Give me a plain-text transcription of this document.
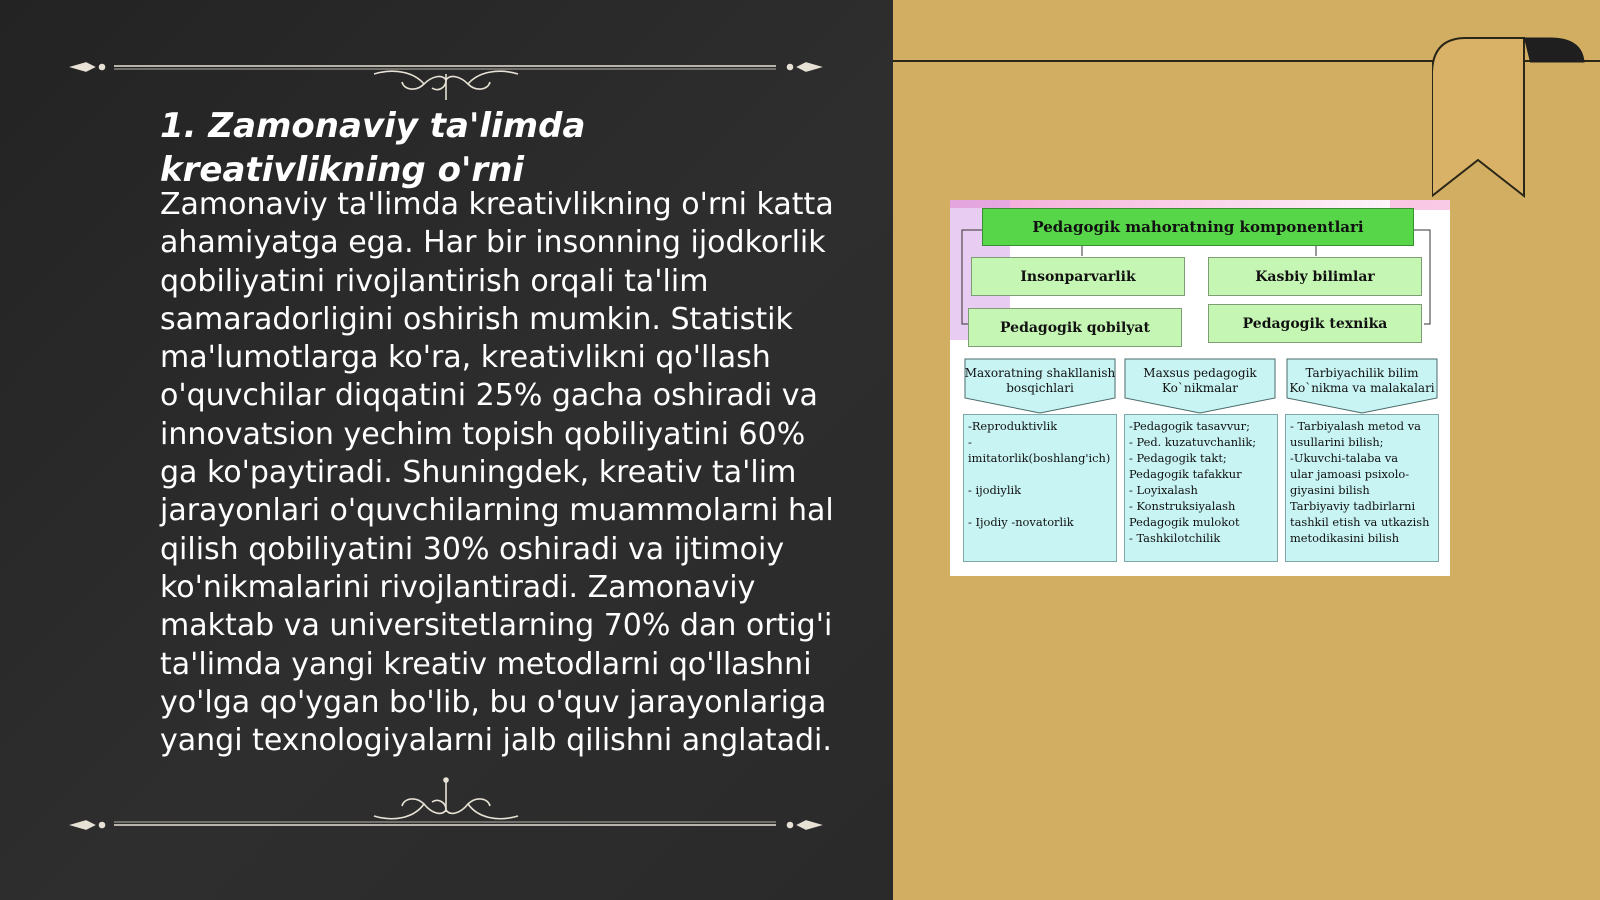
1. Zamonaviy ta'limda kreativlikning o'rni

Zamonaviy ta'limda kreativlikning o'rni katta ahamiyatga ega. Har bir insonning ijodkorlik qobiliyatini rivojlantirish orqali ta'lim samaradorligini oshirish mumkin. Statistik ma'lumotlarga ko'ra, kreativlikni qo'llash o'quvchilar diqqatini 25% gacha oshiradi va innovatsion yechim topish qobiliyatini 60% ga ko'paytiradi. Shuningdek, kreativ ta'lim jarayonlari o'quvchilarning muammolarni hal qilish qobiliyatini 30% oshiradi va ijtimoiy ko'nikmalarini rivojlantiradi. Zamonaviy maktab va universitetlarning 70% dan ortig'i ta'limda yangi kreativ metodlarni qo'llashni yo'lga qo'ygan bo'lib, bu o'quv jarayonlariga yangi texnologiyalarni jalb qilishni anglatadi.

Pedagogik mahoratning komponentlari
Insonparvarlik	Kasbiy bilimlar
Pedagogik qobilyat	Pedagogik texnika
Maxoratning shakllanish
bosqichlari
Maxsus pedagogik
Ko`nikmalar
Tarbiyachilik bilim
Ko`nikma va malakalari
-Reproduktivlik
-imitatorlik(boshlang'ich)

- ijodiylik

- Ijodiy -novatorlik
-Pedagogik tasavvur;
- Ped. kuzatuvchanlik;
- Pedagogik takt;
Pedagogik tafakkur
- Loyixalash
- Konstruksiyalash
Pedagogik mulokot
- Tashkilotchilik
- Tarbiyalash metod va
usullarini bilish;
-Ukuvchi-talaba va
ular jamoasi psixolo-
giyasini bilish
Tarbiyaviy tadbirlarni
tashkil etish va utkazish
metodikasini bilish
